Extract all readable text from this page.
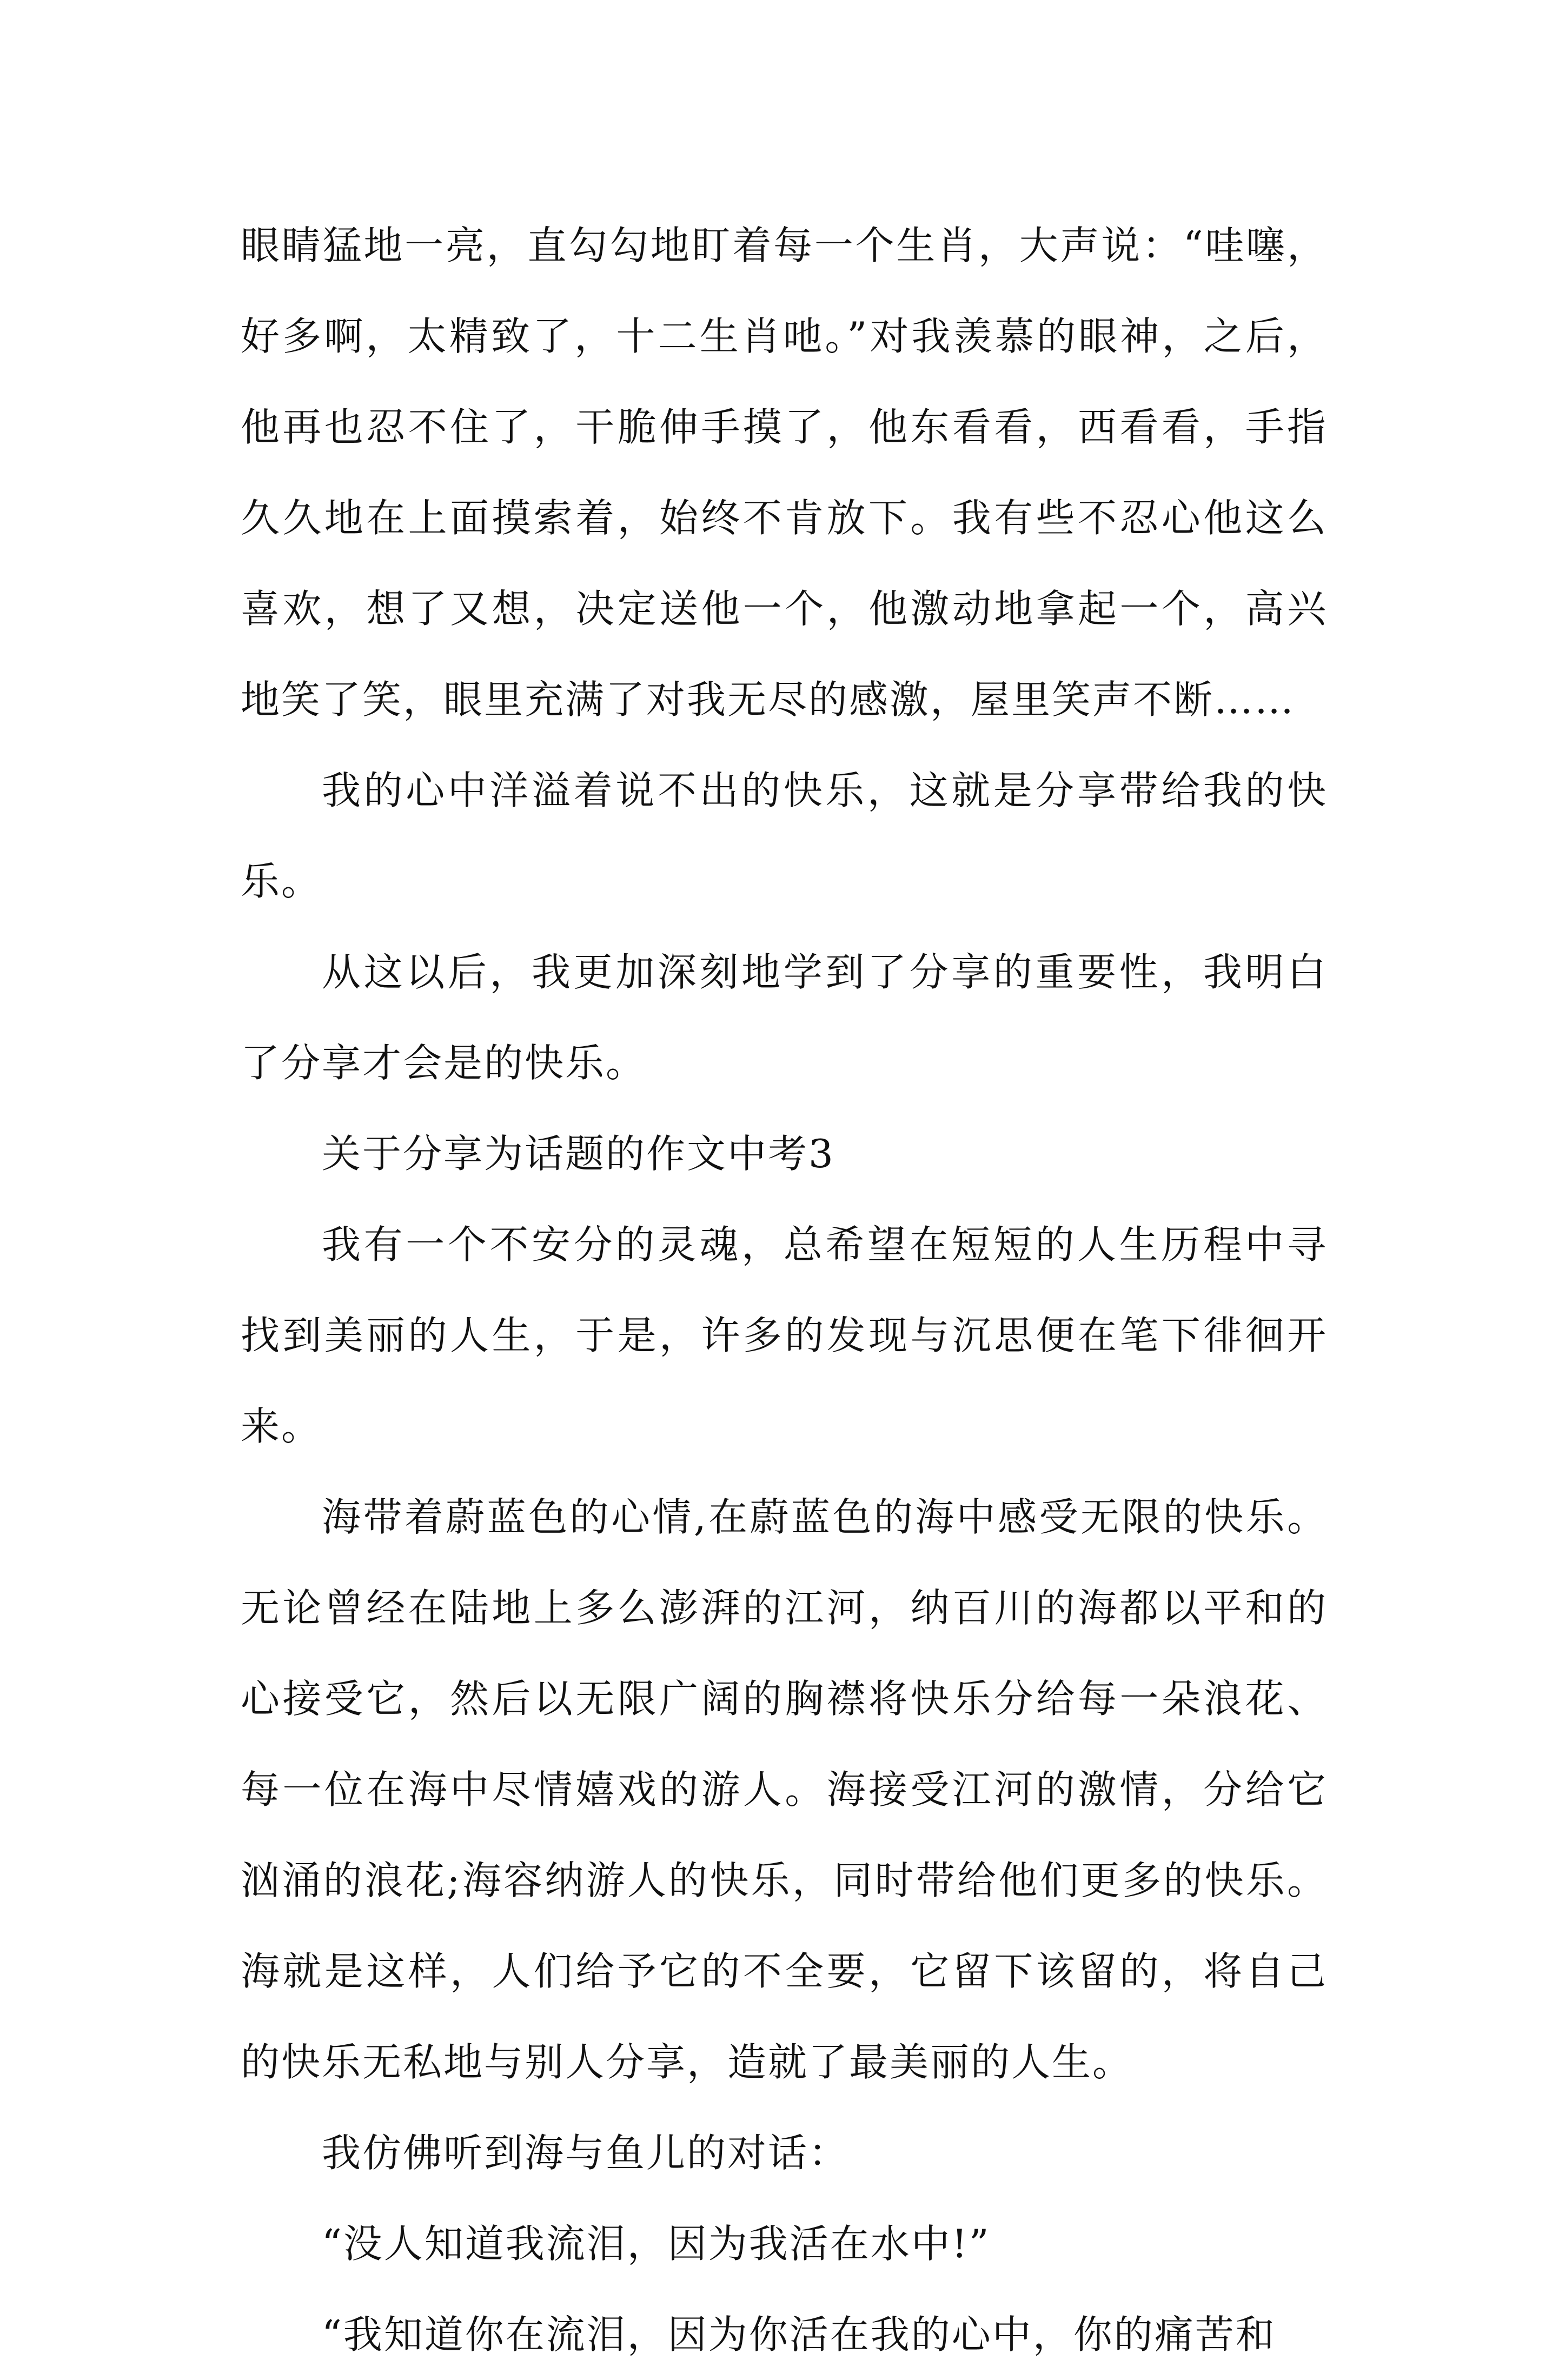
眼睛猛地一亮，直勾勾地盯着每一个生肖，大声说：“哇噻，
好多啊，太精致了，十二生肖吔。”对我羡慕的眼神，之后，
他再也忍不住了，干脆伸手摸了，他东看看，西看看，手指
久久地在上面摸索着，始终不肯放下。我有些不忍心他这么
喜欢，想了又想，决定送他一个，他激动地拿起一个，高兴
地笑了笑，眼里充满了对我无尽的感激，屋里笑声不断……

我的心中洋溢着说不出的快乐，这就是分享带给我的快
乐。

从这以后，我更加深刻地学到了分享的重要性，我明白
了分享才会是的快乐。

关于分享为话题的作文中考3

我有一个不安分的灵魂，总希望在短短的人生历程中寻
找到美丽的人生，于是，许多的发现与沉思便在笔下徘徊开
来。

海带着蔚蓝色的心情,在蔚蓝色的海中感受无限的快乐。
无论曾经在陆地上多么澎湃的江河，纳百川的海都以平和的
心接受它，然后以无限广阔的胸襟将快乐分给每一朵浪花、
每一位在海中尽情嬉戏的游人。海接受江河的激情，分给它
汹涌的浪花;海容纳游人的快乐，同时带给他们更多的快乐。
海就是这样，人们给予它的不全要，它留下该留的，将自己
的快乐无私地与别人分享，造就了最美丽的人生。

我仿佛听到海与鱼儿的对话：

“没人知道我流泪，因为我活在水中!”

“我知道你在流泪，因为你活在我的心中，你的痛苦和
